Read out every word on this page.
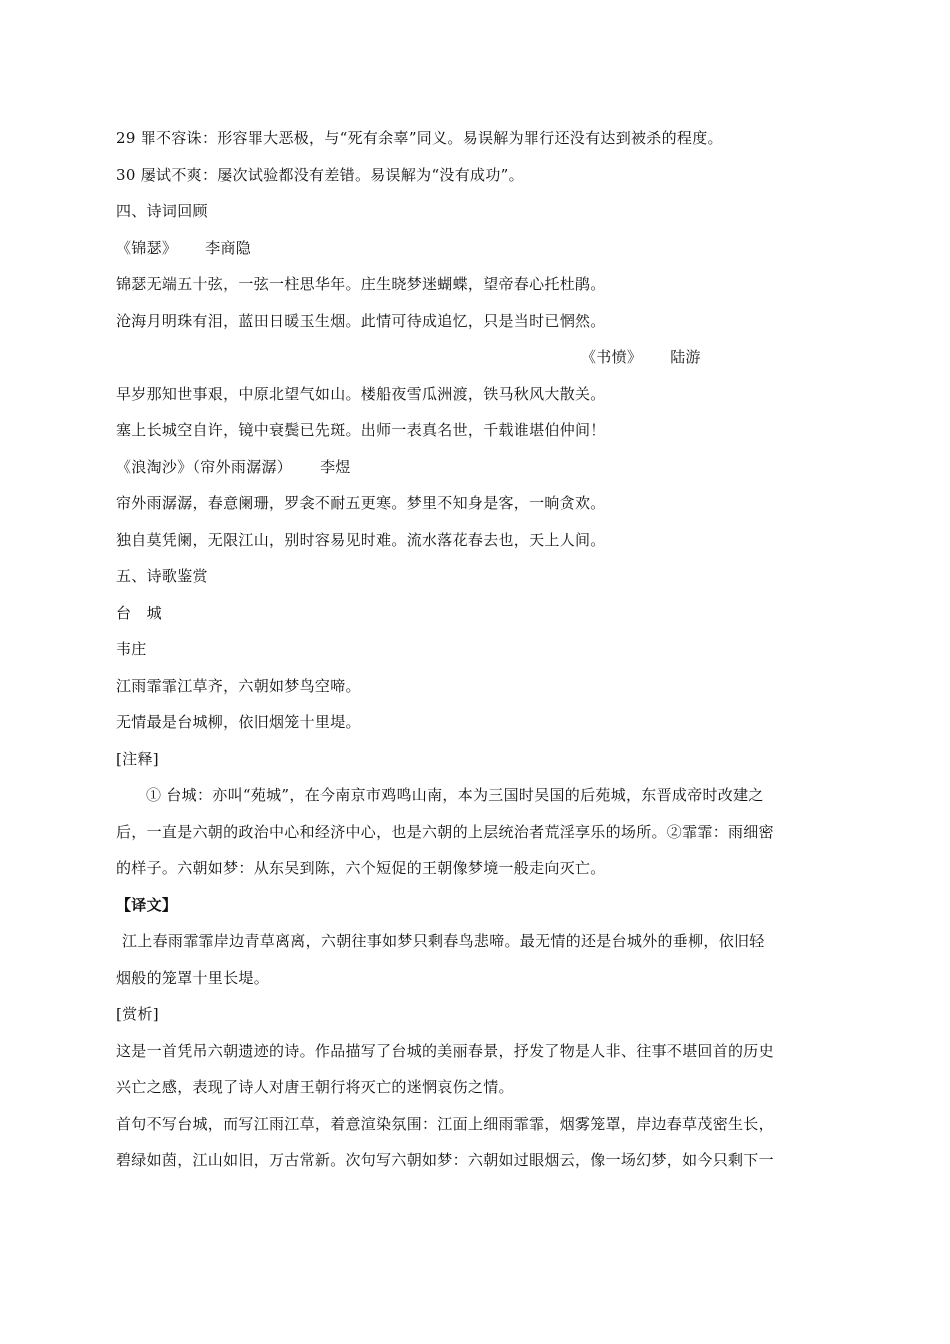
29 罪不容诛：形容罪大恶极，与“死有余辜”同义。易误解为罪行还没有达到被杀的程度。
30 屡试不爽：屡次试验都没有差错。易误解为“没有成功”。
四、诗词回顾
《锦瑟》 李商隐
锦瑟无端五十弦，一弦一柱思华年。庄生晓梦迷蝴蝶，望帝春心托杜鹃。
沧海月明珠有泪，蓝田日暖玉生烟。此情可待成追忆，只是当时已惘然。
《书愤》 陆游
早岁那知世事艰，中原北望气如山。楼船夜雪瓜洲渡，铁马秋风大散关。
塞上长城空自许，镜中衰鬓已先斑。出师一表真名世，千载谁堪伯仲间！
《浪淘沙》（帘外雨潺潺） 李煜
帘外雨潺潺，春意阑珊，罗衾不耐五更寒。梦里不知身是客，一晌贪欢。
独自莫凭阑，无限江山，别时容易见时难。流水落花春去也，天上人间。
五、诗歌鉴赏
台　城
韦庄
江雨霏霏江草齐，六朝如梦鸟空啼。
无情最是台城柳，依旧烟笼十里堤。
[注释]
① 台城：亦叫“苑城”，在今南京市鸡鸣山南，本为三国时吴国的后苑城，东晋成帝时改建之
后，一直是六朝的政治中心和经济中心，也是六朝的上层统治者荒淫享乐的场所。②霏霏：雨细密
的样子。六朝如梦：从东吴到陈，六个短促的王朝像梦境一般走向灭亡。
【译文】
江上春雨霏霏岸边青草离离，六朝往事如梦只剩春鸟悲啼。最无情的还是台城外的垂柳，依旧轻
烟般的笼罩十里长堤。
[赏析]
这是一首凭吊六朝遗迹的诗。作品描写了台城的美丽春景，抒发了物是人非、往事不堪回首的历史
兴亡之感，表现了诗人对唐王朝行将灭亡的迷惘哀伤之情。
首句不写台城，而写江雨江草，着意渲染氛围：江面上细雨霏霏，烟雾笼罩，岸边春草茂密生长，
碧绿如茵，江山如旧，万古常新。次句写六朝如梦：六朝如过眼烟云，像一场幻梦，如今只剩下一
